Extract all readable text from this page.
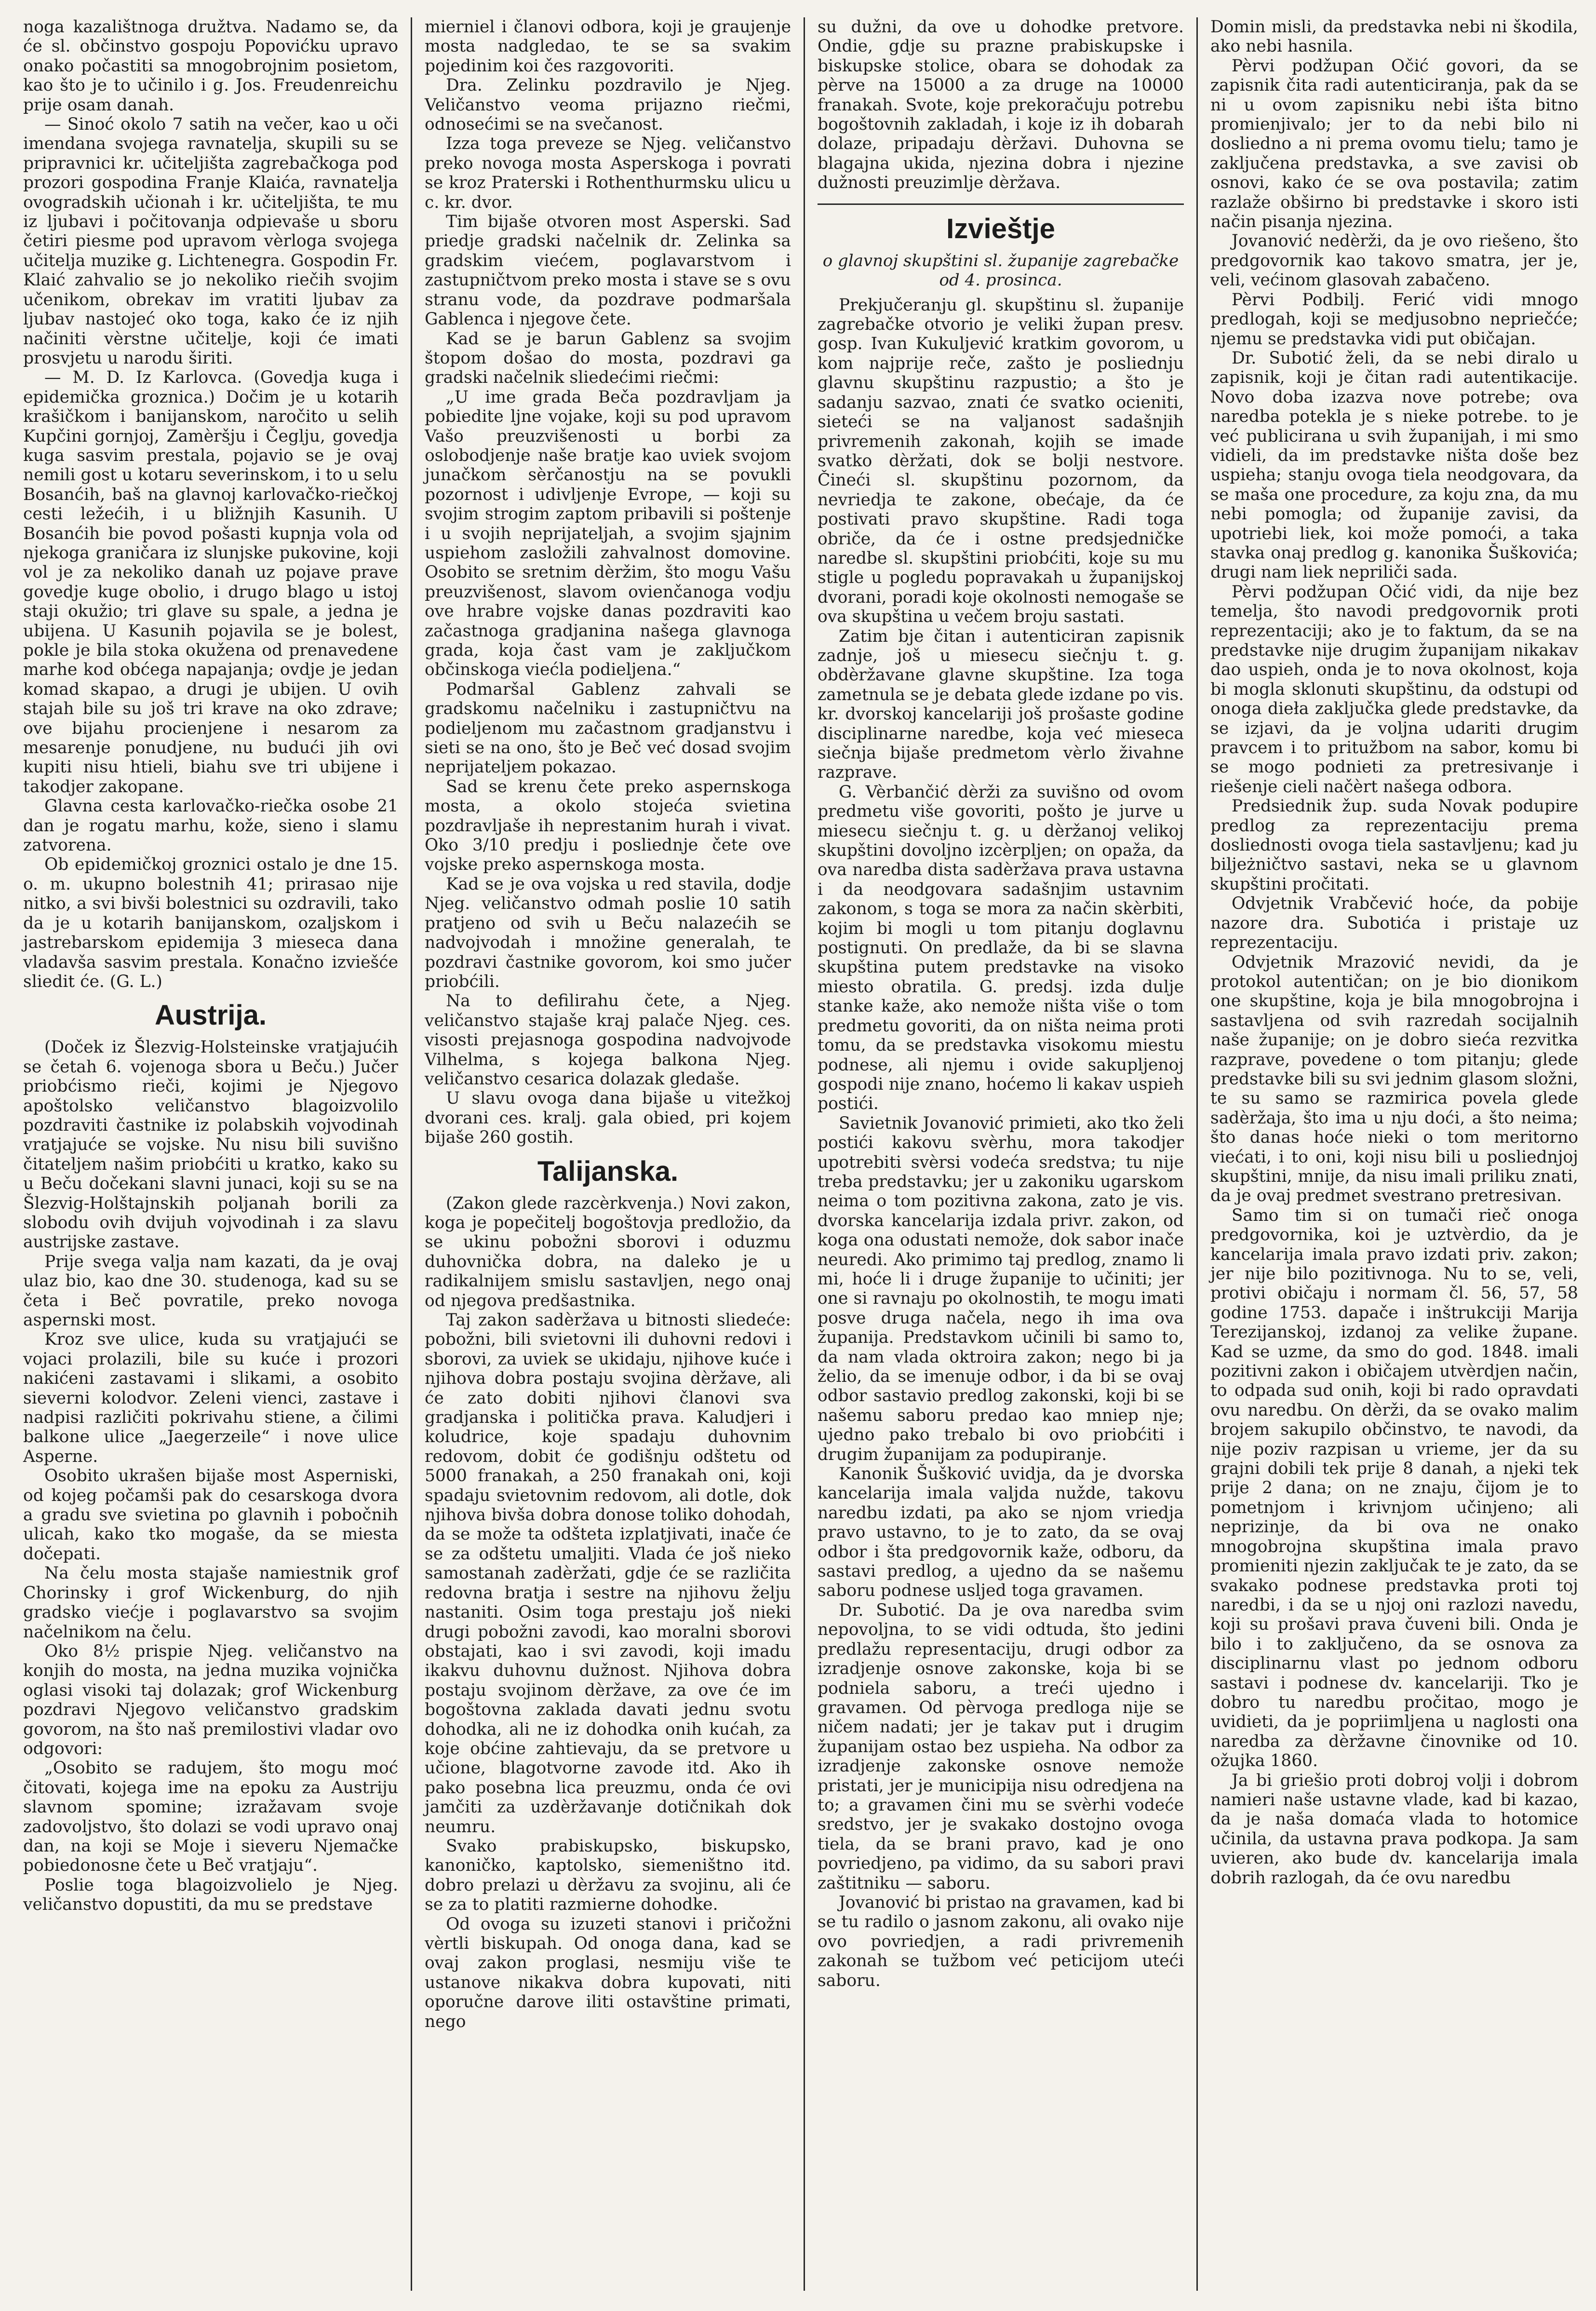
noga kazalištnoga družtva. Nadamo se, da će sl. občinstvo gospoju Popovićku upravo onako počastiti sa mnogobrojnim posietom, kao što je to učinilo i g. Jos. Freudenreichu prije osam danah.

— Sinoć okolo 7 satih na večer, kao u oči imendana svojega ravnatelja, skupili su se pripravnici kr. učiteljišta zagrebačkoga pod prozori gospodina Franje Klaića, ravnatelja ovogradskih učionah i kr. učiteljišta, te mu iz ljubavi i počitovanja odpievaše u sboru četiri piesme pod upravom vèrloga svojega učitelja muzike g. Lichtenegra. Gospodin Fr. Klaić zahvalio se jo nekoliko riečih svojim učenikom, obrekav im vratiti ljubav za ljubav nastojeć oko toga, kako će iz njih načiniti vèrstne učitelje, koji će imati prosvjetu u narodu širiti.

— M. D. Iz Karlovca. (Govedja kuga i epidemička groznica.) Dočim je u kotarih krašičkom i banijanskom, naročito u selih Kupčini gornjoj, Zamèršju i Čeglju, govedja kuga sasvim prestala, pojavio se je ovaj nemili gost u kotaru severinskom, i to u selu Bosanćih, baš na glavnoj karlovačko-riečkoj cesti ležećih, i u bližnjih Kasunih. U Bosanćih bie povod pošasti kupnja vola od njekoga graničara iz slunjske pukovine, koji vol je za nekoliko danah uz pojave prave govedje kuge obolio, i drugo blago u istoj staji okužio; tri glave su spale, a jedna je ubijena. U Kasunih pojavila se je bolest, pokle je bila stoka okužena od prenavedene marhe kod obćega napajanja; ovdje je jedan komad skapao, a drugi je ubijen. U ovih stajah bile su još tri krave na oko zdrave; ove bijahu procienjene i nesarom za mesarenje ponudjene, nu budući jih ovi kupiti nisu htieli, biahu sve tri ubijene i takodjer zakopane.

Glavna cesta karlovačko-riečka osobe 21 dan je rogatu marhu, kože, sieno i slamu zatvorena.

Ob epidemičkoj groznici ostalo je dne 15. o. m. ukupno bolestnih 41; prirasao nije nitko, a svi bivši bolestnici su ozdravili, tako da je u kotarih banijanskom, ozaljskom i jastrebarskom epidemija 3 mieseca dana vladavša sasvim prestala. Konačno izviešće sliedit će. (G. L.)

Austrija.

(Doček iz Šlezvig-Holsteinske vratjajućih se četah 6. vojenoga sbora u Beču.) Jučer priobćismo rieči, kojimi je Njegovo apoštolsko veličanstvo blagoizvolilo pozdraviti častnike iz polabskih vojvodinah vratjajuće se vojske. Nu nisu bili suvišno čitateljem našim priobćiti u kratko, kako su u Beču dočekani slavni junaci, koji su se na Šlezvig-Holštajnskih poljanah borili za slobodu ovih dvijuh vojvodinah i za slavu austrijske zastave.

Prije svega valja nam kazati, da je ovaj ulaz bio, kao dne 30. studenoga, kad su se četa i Beč povratile, preko novoga aspernski most.

Kroz sve ulice, kuda su vratjajući se vojaci prolazili, bile su kuće i prozori nakićeni zastavami i slikami, a osobito sieverni kolodvor. Zeleni vienci, zastave i nadpisi različiti pokrivahu stiene, a čilimi balkone ulice „Jaegerzeile“ i nove ulice Asperne.

Osobito ukrašen bijaše most Asperniski, od kojeg počamši pak do cesarskoga dvora a gradu sve svietina po glavnih i pobočnih ulicah, kako tko mogaše, da se miesta dočepati.

Na čelu mosta stajaše namiestnik grof Chorinsky i grof Wickenburg, do njih gradsko viećje i poglavarstvo sa svojim načelnikom na čelu.

Oko 8½ prispie Njeg. veličanstvo na konjih do mosta, na jedna muzika vojnička oglasi visoki taj dolazak; grof Wickenburg pozdravi Njegovo veličanstvo gradskim govorom, na što naš premilostivi vladar ovo odgovori:

„Osobito se radujem, što mogu moć čitovati, kojega ime na epoku za Austriju slavnom spomine; izražavam svoje zadovoljstvo, što dolazi se vodi upravo onaj dan, na koji se Moje i sieveru Njemačke pobiedonosne čete u Beč vratjaju“.

Poslie toga blagoizvolielo je Njeg. veličanstvo dopustiti, da mu se predstave

mierniel i članovi odbora, koji je graujenje mosta nadgledao, te se sa svakim pojedinim koi čes razgovoriti.

Dra. Zelinku pozdravilo je Njeg. Veličanstvo veoma prijazno riečmi, odnosećimi se na svečanost.

Izza toga preveze se Njeg. veličanstvo preko novoga mosta Asperskoga i povrati se kroz Praterski i Rothenthurmsku ulicu u c. kr. dvor.

Tim bijaše otvoren most Asperski. Sad priedje gradski načelnik dr. Zelinka sa gradskim viećem, poglavarstvom i zastupničtvom preko mosta i stave se s ovu stranu vode, da pozdrave podmaršala Gablenca i njegove čete.

Kad se je barun Gablenz sa svojim štopom došao do mosta, pozdravi ga gradski načelnik sliedećimi riečmi:

„U ime grada Beča pozdravljam ja pobiedite ljne vojake, koji su pod upravom Vašo preuzvišenosti u borbi za oslobodjenje naše bratje kao uviek svojom junačkom sèrčanostju na se povukli pozornost i udivljenje Evrope, — koji su svojim strogim zaptom pribavili si poštenje i u svojih neprijateljah, a svojim sjajnim uspiehom zasložili zahvalnost domovine. Osobito se sretnim dèržim, što mogu Vašu preuzvišenost, slavom ovienčanoga vodju ove hrabre vojske danas pozdraviti kao začastnoga gradjanina našega glavnoga grada, koja čast vam je zaključkom občinskoga viećla podieljena.“

Podmaršal Gablenz zahvali se gradskomu načelniku i zastupničtvu na podieljenom mu začastnom gradjanstvu i sieti se na ono, što je Beč već dosad svojim neprijateljem pokazao.

Sad se krenu čete preko aspernskoga mosta, a okolo stojeća svietina pozdravljaše ih neprestanim hurah i vivat. Oko 3/10 predju i posliednje čete ove vojske preko aspernskoga mosta.

Kad se je ova vojska u red stavila, dodje Njeg. veličanstvo odmah poslie 10 satih pratjeno od svih u Beču nalazećih se nadvojvodah i množine generalah, te pozdravi častnike govorom, koi smo jučer priobćili.

Na to defilirahu čete, a Njeg. veličanstvo stajaše kraj palače Njeg. ces. visosti prejasnoga gospodina nadvojvode Vilhelma, s kojega balkona Njeg. veličanstvo cesarica dolazak gledaše.

U slavu ovoga dana bijaše u vitežkoj dvorani ces. kralj. gala obied, pri kojem bijaše 260 gostih.

Talijanska.

(Zakon glede razcèrkvenja.) Novi zakon, koga je popečitelj bogoštovja predložio, da se ukinu pobožni sborovi i oduzmu duhovnička dobra, na daleko je u radikalnijem smislu sastavljen, nego onaj od njegova predšastnika.

Taj zakon sadèržava u bitnosti sliedeće: pobožni, bili svietovni ili duhovni redovi i sborovi, za uviek se ukidaju, njihove kuće i njihova dobra postaju svojina dèržave, ali će zato dobiti njihovi članovi sva gradjanska i politička prava. Kaludjeri i koludrice, koje spadaju duhovnim redovom, dobit će godišnju odštetu od 5000 franakah, a 250 franakah oni, koji spadaju svietovnim redovom, ali dotle, dok njihova bivša dobra donose toliko dohodah, da se može ta odšteta izplatjivati, inače će se za odštetu umaljiti. Vlada će još nieko samostanah zadèržati, gdje će se različita redovna bratja i sestre na njihovu želju nastaniti. Osim toga prestaju još nieki drugi pobožni zavodi, kao moralni sborovi obstajati, kao i svi zavodi, koji imadu ikakvu duhovnu dužnost. Njihova dobra postaju svojinom dèržave, za ove će im bogoštovna zaklada davati jednu svotu dohodka, ali ne iz dohodka onih kućah, za koje obćine zahtievaju, da se pretvore u učione, blagotvorne zavode itd. Ako ih pako posebna lica preuzmu, onda će ovi jamčiti za uzdèržavanje dotičnikah dok neumru.

Svako prabiskupsko, biskupsko, kanoničko, kaptolsko, siemeništno itd. dobro prelazi u dèržavu za svojinu, ali će se za to platiti razmierne dohodke.

Od ovoga su izuzeti stanovi i pričožni vèrtli biskupah. Od onoga dana, kad se ovaj zakon proglasi, nesmiju više te ustanove nikakva dobra kupovati, niti oporučne darove iliti ostavštine primati, nego

su dužni, da ove u dohodke pretvore. Ondie, gdje su prazne prabiskupske i biskupske stolice, obara se dohodak za pèrve na 15000 a za druge na 10000 franakah. Svote, koje prekoračuju potrebu bogoštovnih zakladah, i koje iz ih dobarah dolaze, pripadaju dèržavi. Duhovna se blagajna ukida, njezina dobra i njezine dužnosti preuzimlje dèržava.

Izvieštje
o glavnoj skupštini sl. županije zagrebačke od 4. prosinca.

Prekjučeranju gl. skupštinu sl. županije zagrebačke otvorio je veliki župan presv. gosp. Ivan Kukuljević kratkim govorom, u kom najprije reče, zašto je posliednju glavnu skupštinu razpustio; a što je sadanju sazvao, znati će svatko ocieniti, sieteći se na valjanost sadašnjih privremenih zakonah, kojih se imade svatko dèržati, dok se bolji nestvore. Čineći sl. skupštinu pozornom, da nevriedja te zakone, obećaje, da će postivati pravo skupštine. Radi toga obriče, da će i ostne predsjedničke naredbe sl. skupštini priobćiti, koje su mu stigle u pogledu popravakah u županijskoj dvorani, poradi koje okolnosti nemogaše se ova skupština u večem broju sastati.

Zatim bje čitan i autenticiran zapisnik zadnje, još u miesecu siečnju t. g. obdèržavane glavne skupštine. Iza toga zametnula se je debata glede izdane po vis. kr. dvorskoj kancelariji još prošaste godine disciplinarne naredbe, koja već mieseca siečnja bijaše predmetom vèrlo živahne razprave.

G. Vèrbančić dèrži za suvišno od ovom predmetu više govoriti, pošto je jurve u miesecu siečnju t. g. u dèržanoj velikoj skupštini dovoljno izcèrpljen; on opaža, da ova naredba dista sadèržava prava ustavna i da neodgovara sadašnjim ustavnim zakonom, s toga se mora za način skèrbiti, kojim bi mogli u tom pitanju doglavnu postignuti. On predlaže, da bi se slavna skupština putem predstavke na visoko miesto obratila. G. predsj. izda dulje stanke kaže, ako nemože ništa više o tom predmetu govoriti, da on ništa neima proti tomu, da se predstavka visokomu miestu podnese, ali njemu i ovide sakupljenoj gospodi nije znano, hoćemo li kakav uspieh postići.

Savietnik Jovanović primieti, ako tko želi postići kakovu svèrhu, mora takodjer upotrebiti svèrsi vodeća sredstva; tu nije treba predstavku; jer u zakoniku ugarskom neima o tom pozitivna zakona, zato je vis. dvorska kancelarija izdala privr. zakon, od koga ona odustati nemože, dok sabor inače neuredi. Ako primimo taj predlog, znamo li mi, hoće li i druge županije to učiniti; jer one si ravnaju po okolnostih, te mogu imati posve druga načela, nego ih ima ova županija. Predstavkom učinili bi samo to, da nam vlada oktroira zakon; nego bi ja želio, da se imenuje odbor, i da bi se ovaj odbor sastavio predlog zakonski, koji bi se našemu saboru predao kao mniep nje; ujedno pako trebalo bi ovo priobćiti i drugim županijam za podupiranje.

Kanonik Šušković uvidja, da je dvorska kancelarija imala valjda nužde, takovu naredbu izdati, pa ako se njom vriedja pravo ustavno, to je to zato, da se ovaj odbor i šta predgovornik kaže, odboru, da sastavi predlog, a ujedno da se našemu saboru podnese usljed toga gravamen.

Dr. Subotić. Da je ova naredba svim nepovoljna, to se vidi odtuda, što jedini predlažu representaciju, drugi odbor za izradjenje osnove zakonske, koja bi se podniela saboru, a treći ujedno i gravamen. Od pèrvoga predloga nije se ničem nadati; jer je takav put i drugim županijam ostao bez uspieha. Na odbor za izradjenje zakonske osnove nemože pristati, jer je municipija nisu odredjena na to; a gravamen čini mu se svèrhi vodeće sredstvo, jer je svakako dostojno ovoga tiela, da se brani pravo, kad je ono povriedjeno, pa vidimo, da su sabori pravi zaštitniku — saboru.

Jovanović bi pristao na gravamen, kad bi se tu radilo o jasnom zakonu, ali ovako nije ovo povriedjen, a radi privremenih zakonah se tužbom već peticijom uteći saboru.

Domin misli, da predstavka nebi ni škodila, ako nebi hasnila.

Pèrvi podžupan Očić govori, da se zapisnik čita radi autenticiranja, pak da se ni u ovom zapisniku nebi išta bitno promienjivalo; jer to da nebi bilo ni dosliedno a ni prema ovomu tielu; tamo je zaključena predstavka, a sve zavisi ob osnovi, kako će se ova postavila; zatim razlaže obširno bi predstavke i skoro isti način pisanja njezina.

Jovanović nedèrži, da je ovo riešeno, što predgovornik kao takovo smatra, jer je, veli, većinom glasovah zabačeno.

Pèrvi Podbilj. Ferić vidi mnogo predlogah, koji se medjusobno nepriečće; njemu se predstavka vidi put običajan.

Dr. Subotić želi, da se nebi diralo u zapisnik, koji je čitan radi autentikacije. Novo doba izazva nove potrebe; ova naredba potekla je s nieke potrebe. to je već publicirana u svih županijah, i mi smo vidieli, da im predstavke ništa doše bez uspieha; stanju ovoga tiela neodgovara, da se maša one procedure, za koju zna, da mu nebi pomogla; od županije zavisi, da upotriebi liek, koi može pomoći, a taka stavka onaj predlog g. kanonika Šuškovića; drugi nam liek nepriliči sada.

Pèrvi podžupan Očić vidi, da nije bez temelja, što navodi predgovornik proti reprezentaciji; ako je to faktum, da se na predstavke nije drugim županijam nikakav dao uspieh, onda je to nova okolnost, koja bi mogla sklonuti skupštinu, da odstupi od onoga dieła zaključka glede predstavke, da se izjavi, da je voljna udariti drugim pravcem i to pritužbom na sabor, komu bi se mogo podnieti za pretresivanje i riešenje cieli načèrt našega odbora.

Predsiednik žup. suda Novak podupire predlog za reprezentaciju prema dosliednosti ovoga tiela sastavljenu; kad ju biljeżničtvo sastavi, neka se u glavnom skupštini pročitati.

Odvjetnik Vrabčević hoće, da pobije nazore dra. Subotića i pristaje uz reprezentaciju.

Odvjetnik Mrazović nevidi, da je protokol autentičan; on je bio dionikom one skupštine, koja je bila mnogobrojna i sastavljena od svih razredah socijalnih naše županije; on je dobro sieća rezvitka razprave, povedene o tom pitanju; glede predstavke bili su svi jednim glasom složni, te su samo se razmirica povela glede sadèržaja, što ima u nju doći, a što neima; što danas hoće nieki o tom meritorno viećati, i to oni, koji nisu bili u posliednjoj skupštini, mnije, da nisu imali priliku znati, da je ovaj predmet svestrano pretresivan.

Samo tim si on tumači rieč onoga predgovornika, koi je uztvèrdio, da je kancelarija imala pravo izdati priv. zakon; jer nije bilo pozitivnoga. Nu to se, veli, protivi običaju i normam čl. 56, 57, 58 godine 1753. dapače i inštrukciji Marija Terezijanskoj, izdanoj za velike župane. Kad se uzme, da smo do god. 1848. imali pozitivni zakon i običajem utvèrdjen način, to odpada sud onih, koji bi rado opravdati ovu naredbu. On dèrži, da se ovako malim brojem sakupilo občinstvo, te navodi, da nije poziv razpisan u vrieme, jer da su grajni dobili tek prije 8 danah, a njeki tek prije 2 dana; on ne znaju, čijom je to pometnjom i krivnjom učinjeno; ali neprizinje, da bi ova ne onako mnogobrojna skupština imala pravo promieniti njezin zaključak te je zato, da se svakako podnese predstavka proti toj naredbi, i da se u njoj oni razlozi navedu, koji su prošavi prava čuveni bili. Onda je bilo i to zaključeno, da se osnova za disciplinarnu vlast po jednom odboru sastavi i podnese dv. kancelariji. Tko je dobro tu naredbu pročitao, mogo je uvidieti, da je popriimljena u naglosti ona naredba za dèržavne činovnike od 10. ožujka 1860.

Ja bi griešio proti dobroj volji i dobrom namieri naše ustavne vlade, kad bi kazao, da je naša domaća vlada to hotomice učinila, da ustavna prava podkopa. Ja sam uvieren, ako bude dv. kancelarija imala dobrih razlogah, da će ovu naredbu
